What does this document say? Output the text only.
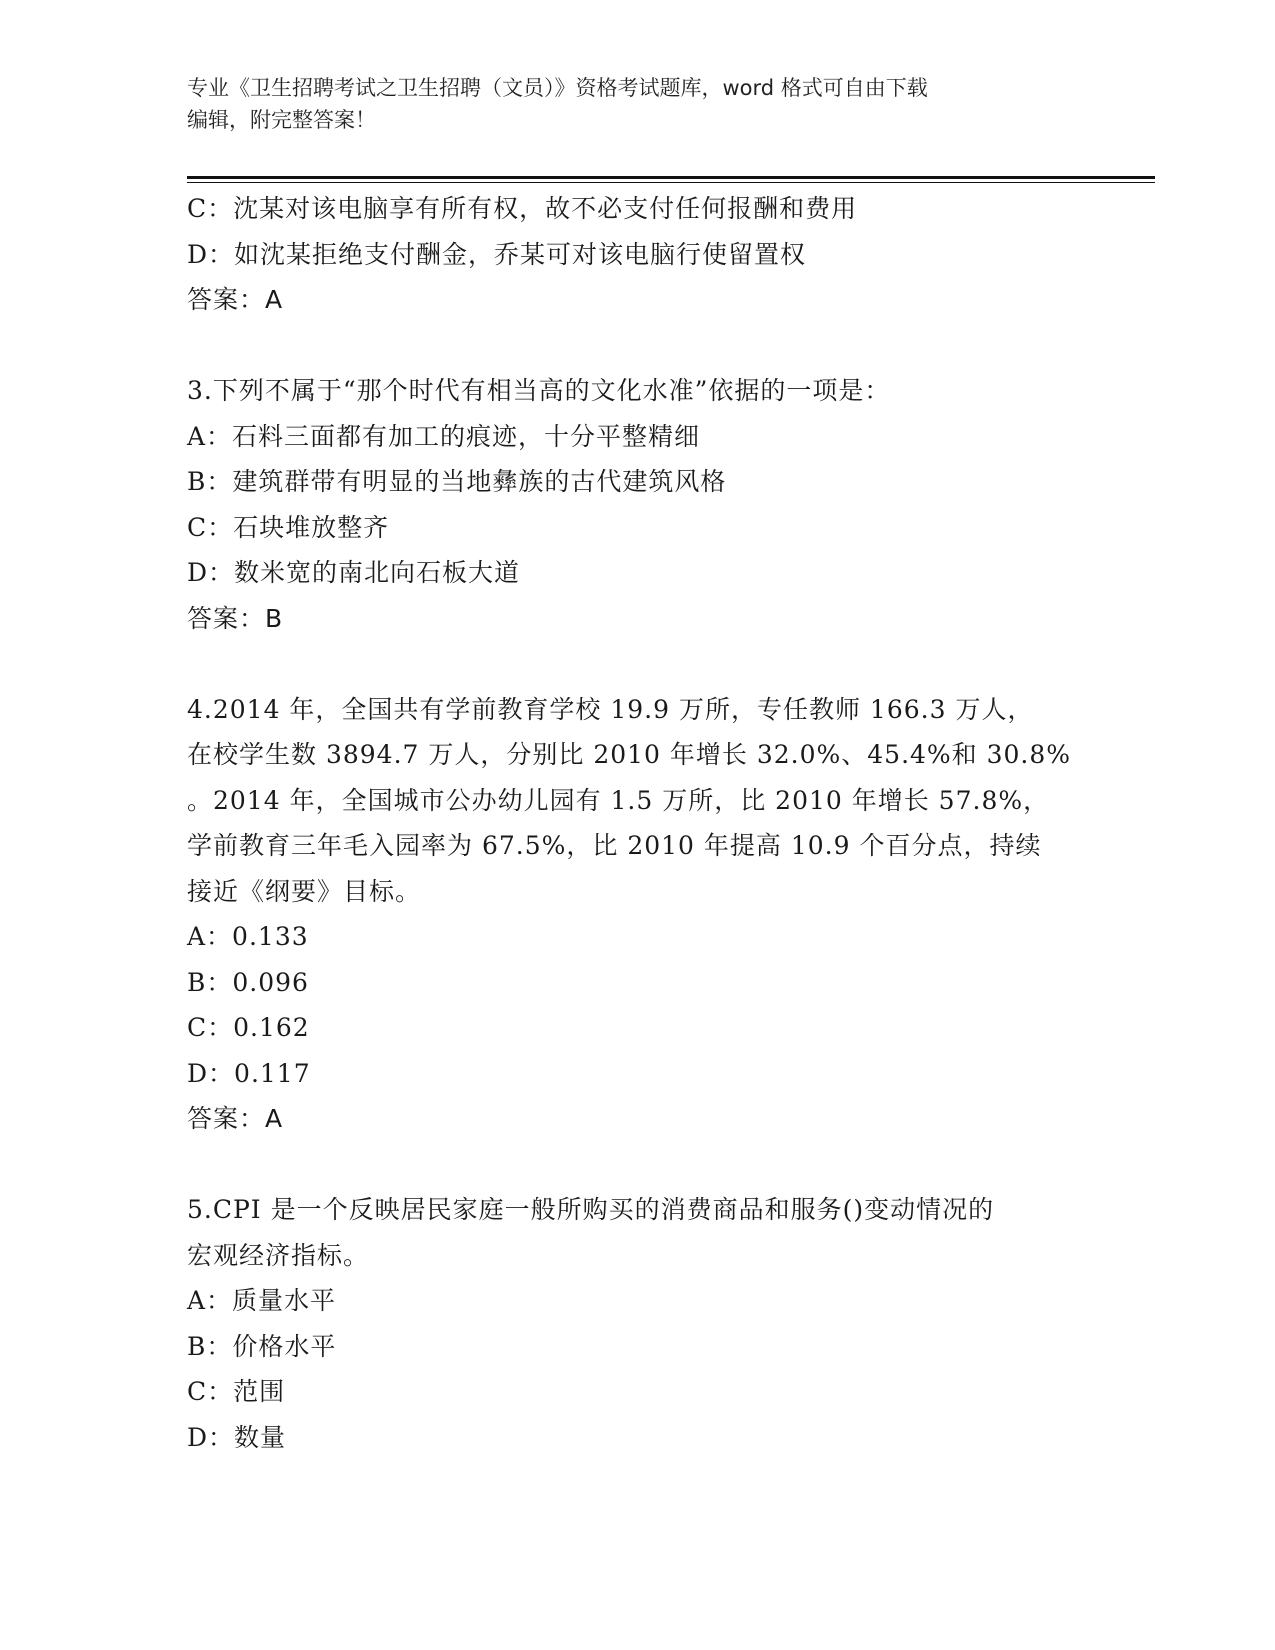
专业《卫生招聘考试之卫生招聘（文员）》资格考试题库，word 格式可自由下载
编辑，附完整答案！
C：沈某对该电脑享有所有权，故不必支付任何报酬和费用
D：如沈某拒绝支付酬金，乔某可对该电脑行使留置权
答案：A
3.下列不属于“那个时代有相当高的文化水准”依据的一项是：
A：石料三面都有加工的痕迹，十分平整精细
B：建筑群带有明显的当地彝族的古代建筑风格
C：石块堆放整齐
D：数米宽的南北向石板大道
答案：B
4.2014 年，全国共有学前教育学校 19.9 万所，专任教师 166.3 万人，
在校学生数 3894.7 万人，分别比 2010 年增长 32.0%、45.4%和 30.8%
。2014 年，全国城市公办幼儿园有 1.5 万所，比 2010 年增长 57.8%，
学前教育三年毛入园率为 67.5%，比 2010 年提高 10.9 个百分点，持续
接近《纲要》目标。
A：0.133
B：0.096
C：0.162
D：0.117
答案：A
5.CPI 是一个反映居民家庭一般所购买的消费商品和服务()变动情况的
宏观经济指标。
A：质量水平
B：价格水平
C：范围
D：数量
